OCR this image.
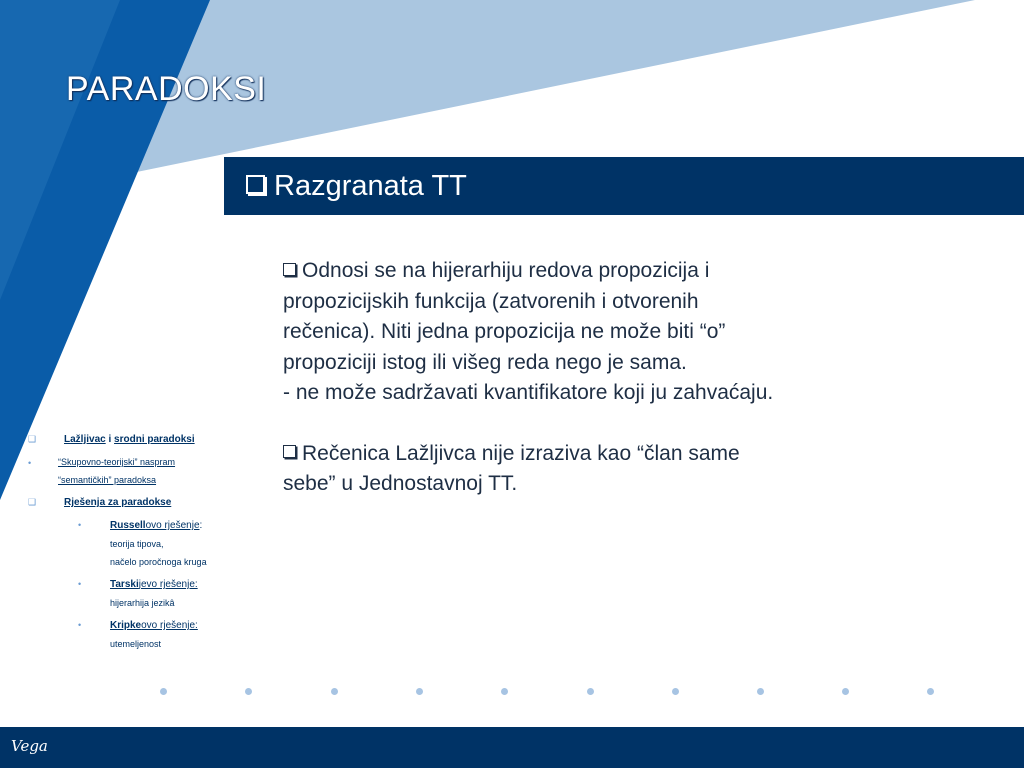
PARADOKSI
Razgranata TT

Odnosi se na hijerarhiju redova propozicija i
propozicijskih funkcija (zatvorenih i otvorenih
rečenica). Niti jedna propozicija ne može biti “o”
propoziciji istog ili višeg reda nego je sama.
- ne može sadržavati kvantifikatore koji ju zahvaćaju.

Rečenica Lažljivca nije izraziva kao “član same
sebe” u Jednostavnoj TT.

❑	Lažljivac i srodni paradoksi
•	“Skupovno-teorijski” naspram
“semantičkih” paradoksa
❑	Rješenja za paradokse
•	Russellovo rješenje:
teorija tipova,
načelo poročnoga kruga
•	Tarskijevo rješenje:
hijerarhija jezikâ
•	Kripkeovo rješenje:
utemeljenost
Vega
